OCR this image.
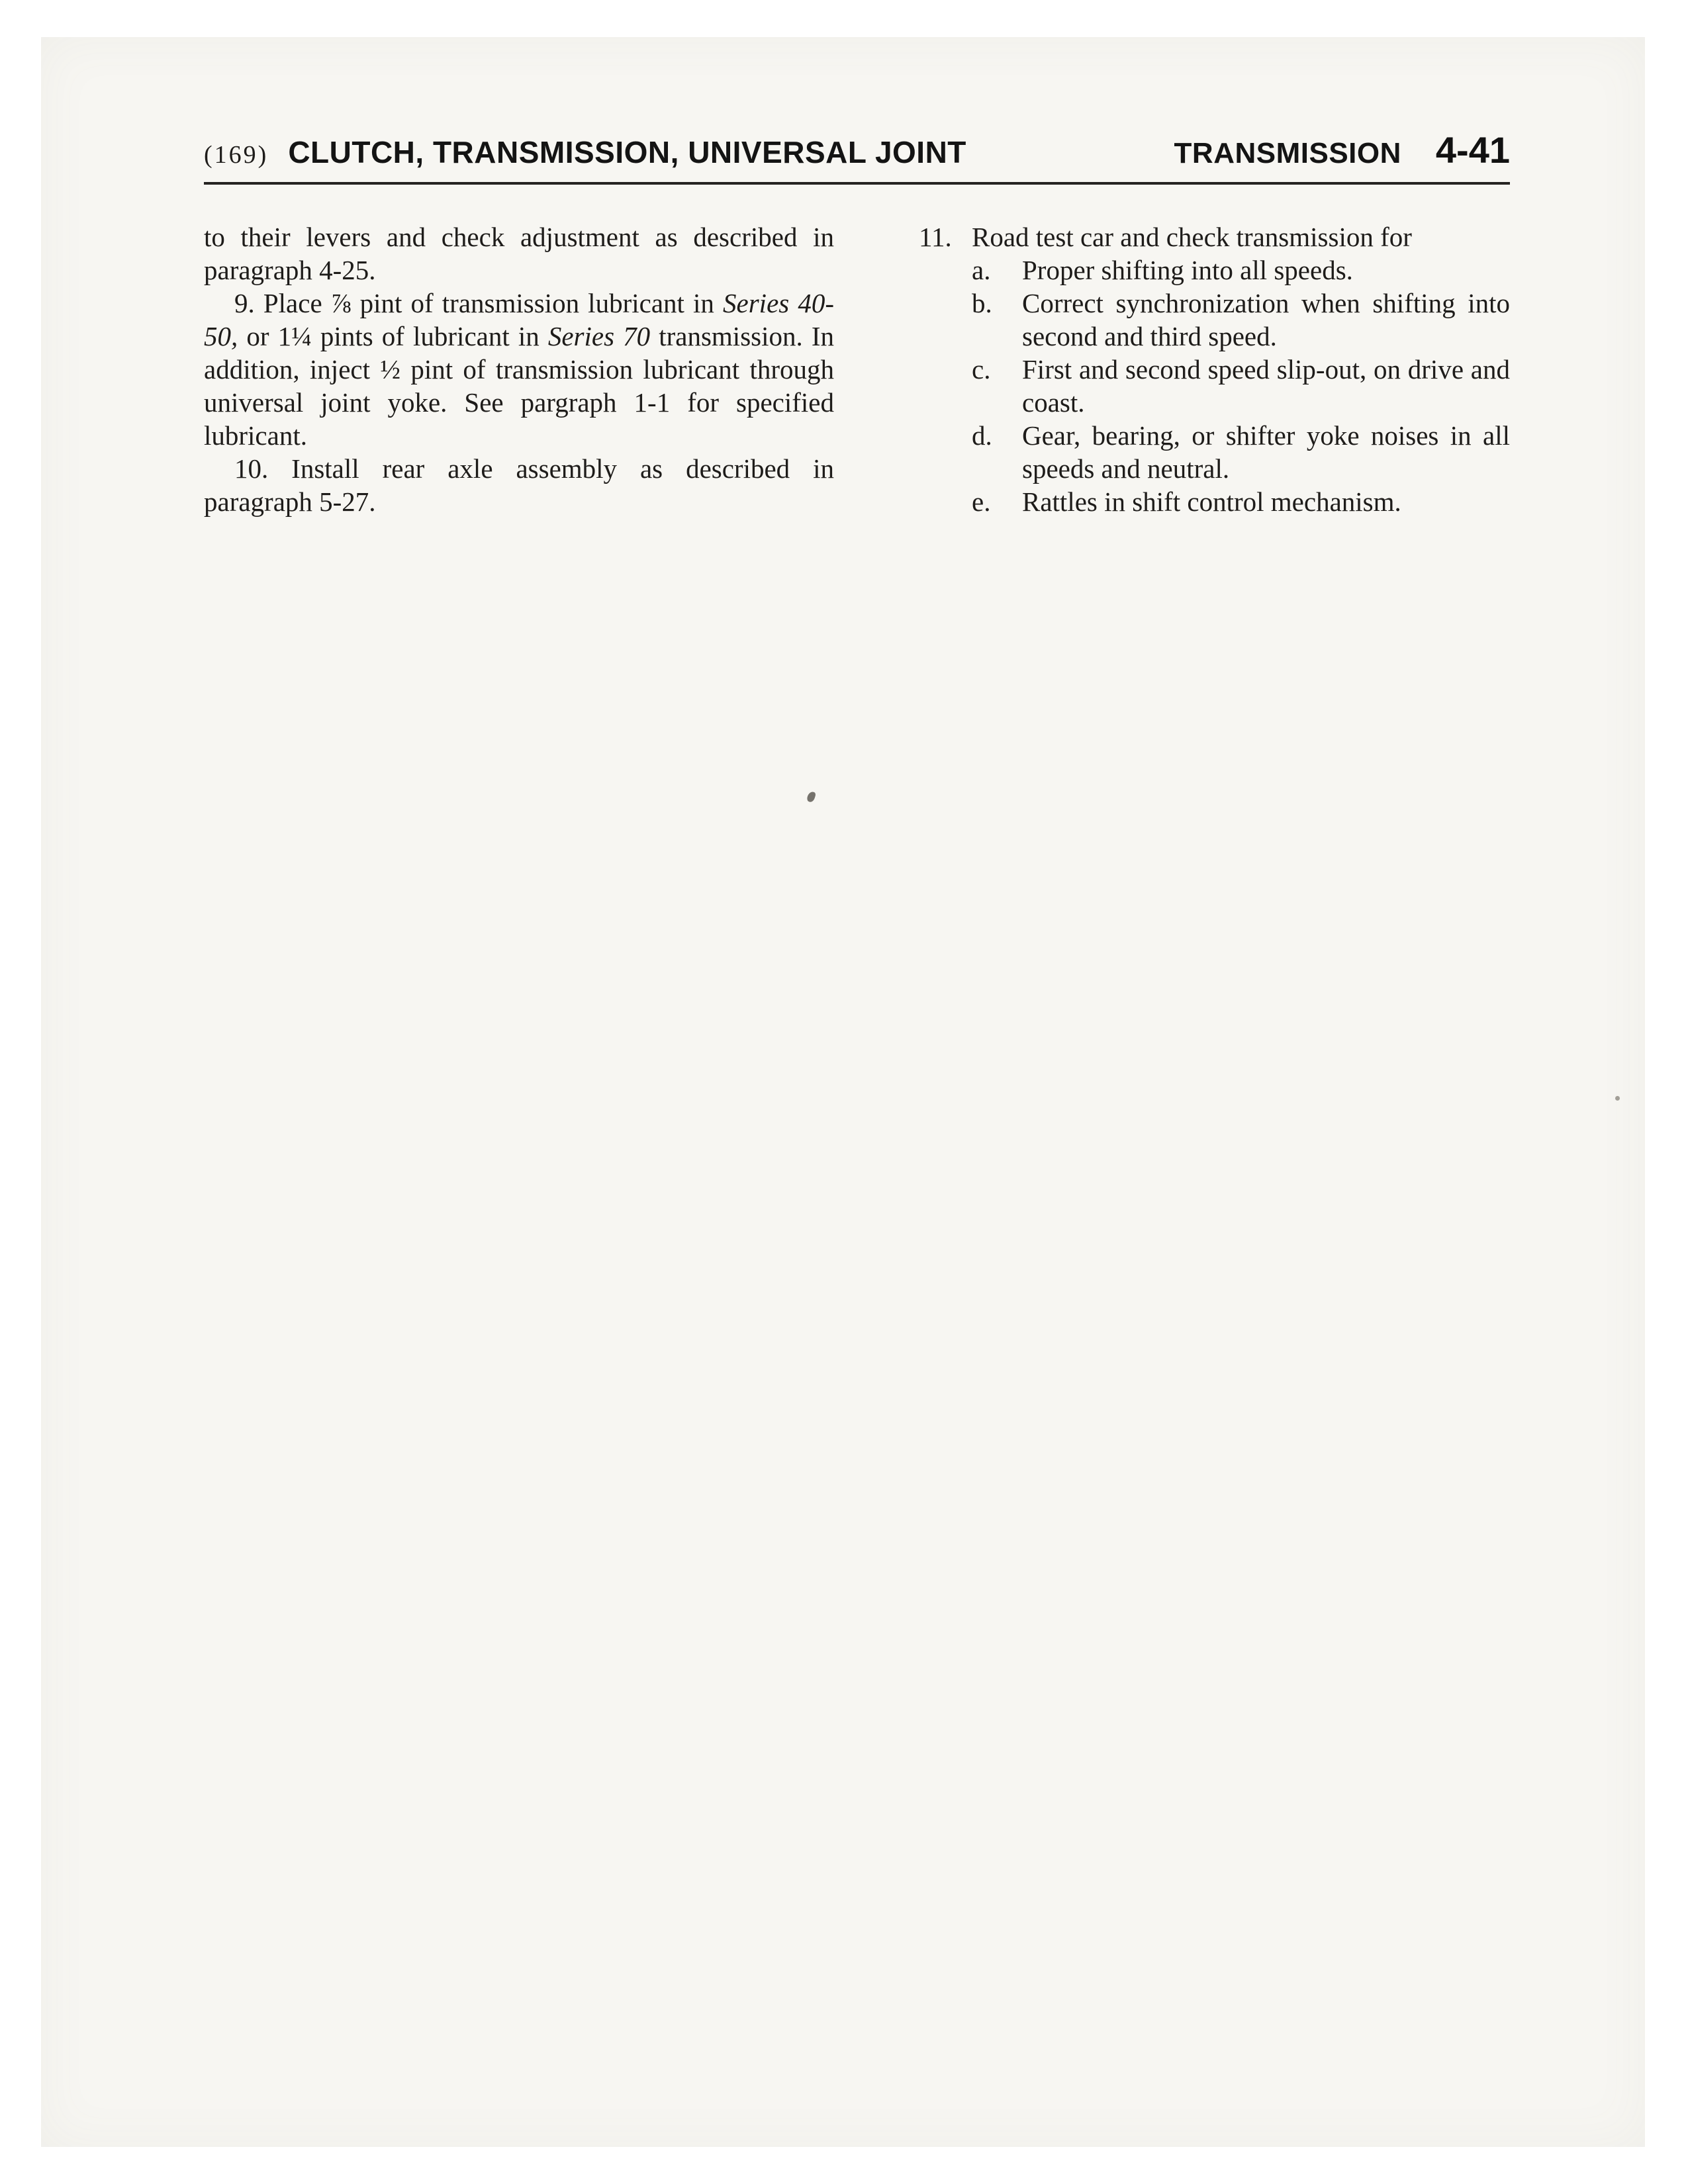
(169) CLUTCH, TRANSMISSION, UNIVERSAL JOINT	TRANSMISSION 4-41

to their levers and check adjustment as described in paragraph 4-25.

9. Place ⅞ pint of transmission lubricant in Series 40-50, or 1¼ pints of lubricant in Series 70 transmission. In addition, inject ½ pint of transmission lubricant through universal joint yoke. See pargraph 1-1 for specified lubricant.

10. Install rear axle assembly as described in paragraph 5-27.

11. Road test car and check transmission for

a.	Proper shifting into all speeds.

b.	Correct synchronization when shifting into second and third speed.

c.	First and second speed slip-out, on drive and coast.

d.	Gear, bearing, or shifter yoke noises in all speeds and neutral.

e.	Rattles in shift control mechanism.
